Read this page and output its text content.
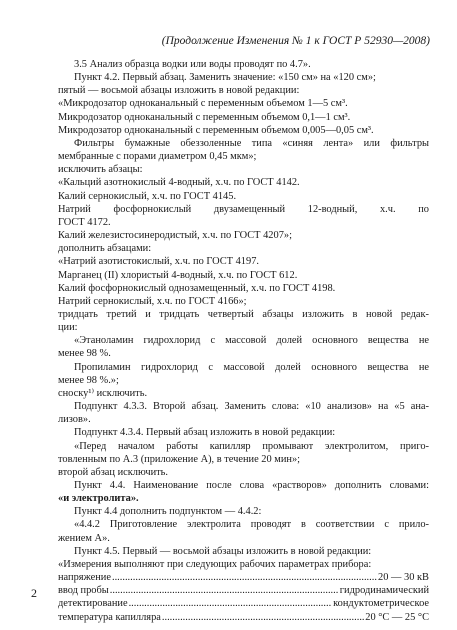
(Продолжение Изменения № 1 к ГОСТ Р 52930—2008)
3.5 Анализ образца водки или воды проводят по 4.7».
Пункт 4.2. Первый абзац. Заменить значение: «150 см» на «120 см»;
пятый — восьмой абзацы изложить в новой редакции:
«Микродозатор одноканальный с переменным объемом 1—5 см³.
Микродозатор одноканальный с переменным объемом 0,1—1 см³.
Микродозатор одноканальный с переменным объемом 0,005—0,05 см³.
Фильтры бумажные обеззоленные типа «синяя лента» или фильтры
мембранные с порами диаметром 0,45 мкм»;
исключить абзацы:
«Кальций азотнокислый 4-водный, х.ч. по ГОСТ 4142.
Калий сернокислый, х.ч. по ГОСТ 4145.
Натрий фосфорнокислый двузамещенный 12-водный, х.ч. по
ГОСТ 4172.
Калий железистосинеродистый, х.ч. по ГОСТ 4207»;
дополнить абзацами:
«Натрий азотистокислый, х.ч. по ГОСТ 4197.
Марганец (II) хлористый 4-водный, х.ч. по ГОСТ 612.
Калий фосфорнокислый однозамещенный, х.ч. по ГОСТ 4198.
Натрий сернокислый, х.ч. по ГОСТ 4166»;
тридцать третий и тридцать четвертый абзацы изложить в новой редак-
ции:
«Этаноламин гидрохлорид с массовой долей основного вещества не
менее 98 %.
Пропиламин гидрохлорид с массовой долей основного вещества не
менее 98 %.»;
сноску¹⁾ исключить.
Подпункт 4.3.3. Второй абзац. Заменить слова: «10 анализов» на «5 ана-
лизов».
Подпункт 4.3.4. Первый абзац изложить в новой редакции:
«Перед началом работы капилляр промывают электролитом, приго-
товленным по А.3 (приложение А), в течение 20 мин»;
второй абзац исключить.
Пункт 4.4. Наименование после слова «растворов» дополнить словами:
«и электролита».
Пункт 4.4 дополнить подпунктом — 4.4.2:
«4.4.2 Приготовление электролита проводят в соответствии с прило-
жением А».
Пункт 4.5. Первый — восьмой абзацы изложить в новой редакции:
«Измерения выполняют при следующих рабочих параметрах прибора:
напряжение .....	20 — 30 кВ
ввод пробы .....	гидродинамический
детектирование .....	кондуктометрическое
температура капилляра .....	20 °С — 25 °С
2
